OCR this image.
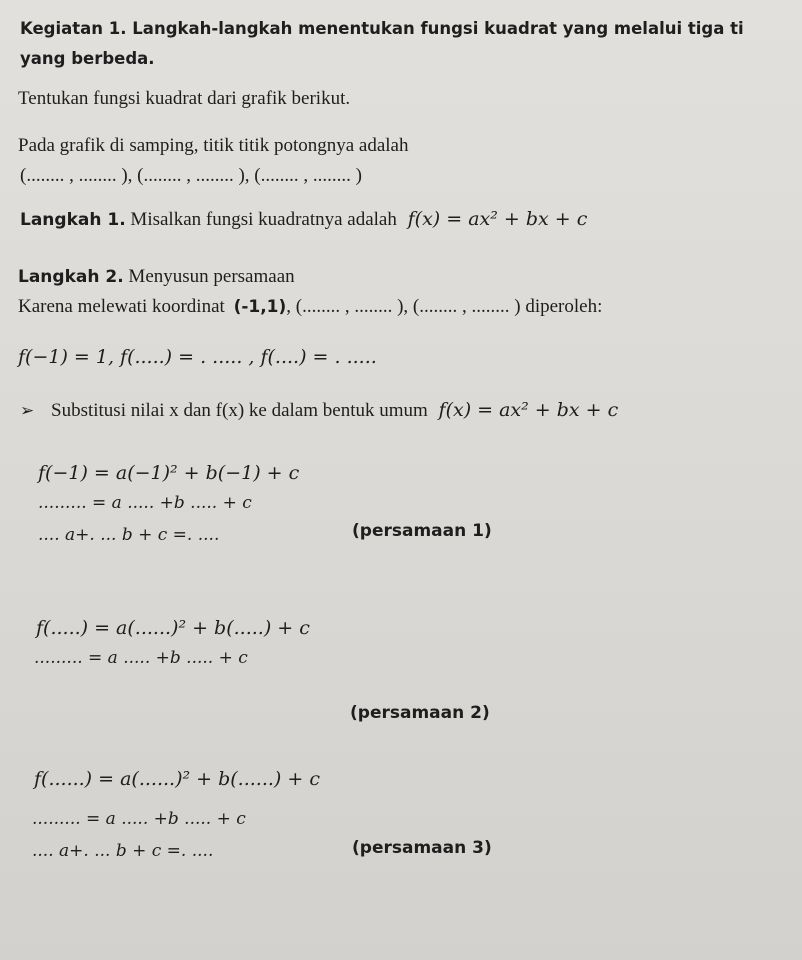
Kegiatan 1. Langkah-langkah menentukan fungsi kuadrat yang melalui tiga ti
yang berbeda.
Tentukan fungsi kuadrat dari grafik berikut.
Pada grafik di samping, titik titik potongnya adalah
(........ , ........ ), (........ , ........ ), (........ , ........ )
Langkah 1. Misalkan fungsi kuadratnya adalah f(x) = ax² + bx + c
Langkah 2. Menyusun persamaan
Karena melewati koordinat (-1,1), (........ , ........ ), (........ , ........ ) diperoleh:
f(−1) = 1, f(.....) = . ..... , f(....) = . .....
➢ Substitusi nilai x dan f(x) ke dalam bentuk umum f(x) = ax² + bx + c
f(−1) = a(−1)² + b(−1) + c
......... = a ..... +b ..... + c
.... a+. ... b + c =. ....	(persamaan 1)
f(.....) = a(......)² + b(.....) + c
......... = a ..... +b ..... + c
(persamaan 2)
f(......) = a(......)² + b(......) + c
......... = a ..... +b ..... + c
.... a+. ... b + c =. ....	(persamaan 3)
